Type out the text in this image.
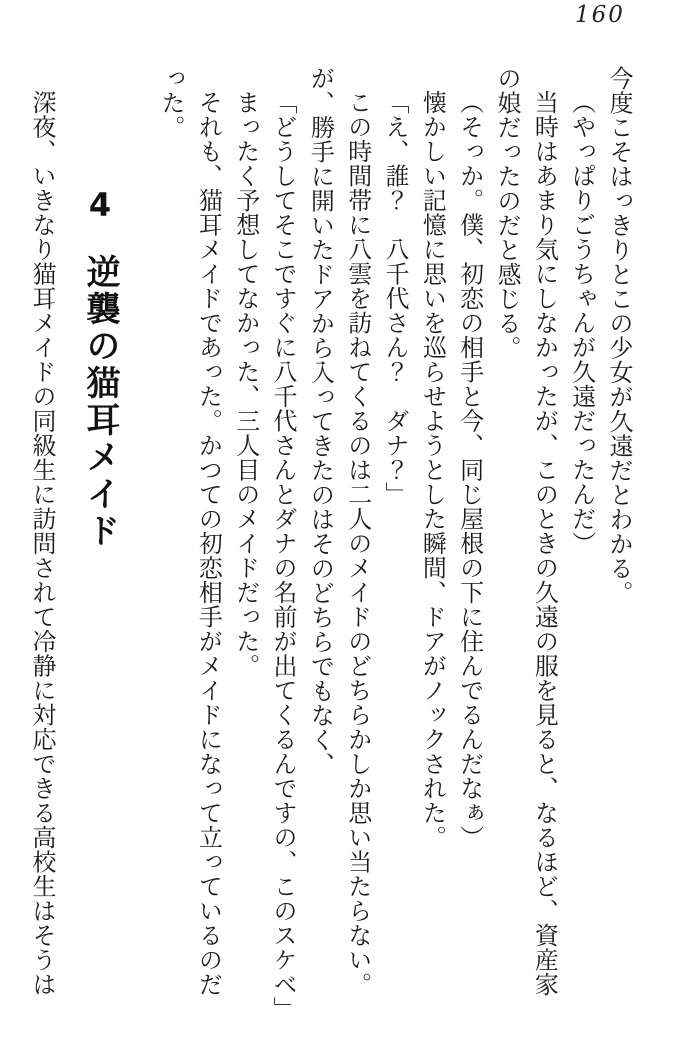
160
今度こそはっきりとこの少女が久遠だとわかる。
（やっぱりごうちゃんが久遠だったんだ）
当時はあまり気にしなかったが、このときの久遠の服を見ると、なるほど、資産家
の娘だったのだと感じる。
（そっか。僕、初恋の相手と今、同じ屋根の下に住んでるんだなぁ）
懐かしい記憶に思いを巡らせようとした瞬間、ドアがノックされた。
「え、誰？　八千代さん？　ダナ？」
この時間帯に八雲を訪ねてくるのは二人のメイドのどちらかしか思い当たらない。
が、勝手に開いたドアから入ってきたのはそのどちらでもなく、
「どうしてそこですぐに八千代さんとダナの名前が出てくるんですの、このスケベ」
まったく予想してなかった、三人目のメイドだった。
それも、猫耳メイドであった。かつての初恋相手がメイドになって立っているのだ
った。
4逆襲の猫耳メイド
深夜、いきなり猫耳メイドの同級生に訪問されて冷静に対応できる高校生はそうは
